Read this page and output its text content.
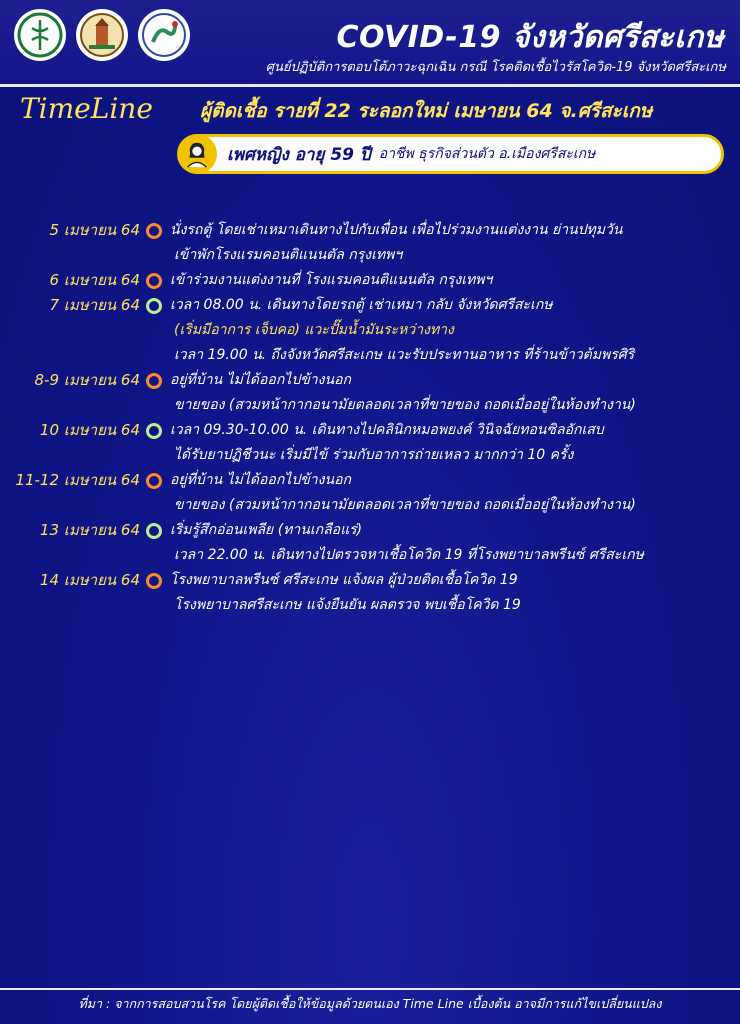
COVID-19 จังหวัดศรีสะเกษ
ศูนย์ปฏิบัติการตอบโต้ภาวะฉุกเฉิน กรณี โรคติดเชื้อไวรัสโควิด-19 จังหวัดศรีสะเกษ
TimeLine ผู้ติดเชื้อ รายที่ 22 ระลอกใหม่ เมษายน 64 จ.ศรีสะเกษ
เพศหญิง อายุ 59 ปี อาชีพ ธุรกิจส่วนตัว อ.เมืองศรีสะเกษ
5 เมษายน 64 นั่งรถตู้ โดยเช่าเหมาเดินทางไปกับเพื่อน เพื่อไปร่วมงานแต่งงาน ย่านปทุมวัน
เข้าพักโรงแรมคอนติแนนตัล กรุงเทพฯ
6 เมษายน 64 เข้าร่วมงานแต่งงานที่ โรงแรมคอนติแนนตัล กรุงเทพฯ
7 เมษายน 64 เวลา 08.00 น. เดินทางโดยรถตู้ เช่าเหมา กลับ จังหวัดศรีสะเกษ
(เริ่มมีอาการ เจ็บคอ) แวะปั๊มน้ำมันระหว่างทาง
เวลา 19.00 น. ถึงจังหวัดศรีสะเกษ แวะรับประทานอาหาร ที่ร้านข้าวต้มพรศิริ
8-9 เมษายน 64 อยู่ที่บ้าน ไม่ได้ออกไปข้างนอก
ขายของ (สวมหน้ากากอนามัยตลอดเวลาที่ขายของ ถอดเมื่ออยู่ในห้องทำงาน)
10 เมษายน 64 เวลา 09.30-10.00 น. เดินทางไปคลินิกหมอพยงค์ วินิจฉัยทอนซิลอักเสบ
ได้รับยาปฏิชีวนะ เริ่มมีไข้ ร่วมกับอาการถ่ายเหลว มากกว่า 10 ครั้ง
11-12 เมษายน 64 อยู่ที่บ้าน ไม่ได้ออกไปข้างนอก
ขายของ (สวมหน้ากากอนามัยตลอดเวลาที่ขายของ ถอดเมื่ออยู่ในห้องทำงาน)
13 เมษายน 64 เริ่มรู้สึกอ่อนเพลีย (ทานเกลือแร่)
เวลา 22.00 น. เดินทางไปตรวจหาเชื้อโควิด 19 ที่โรงพยาบาลพรีนซ์ ศรีสะเกษ
14 เมษายน 64 โรงพยาบาลพรีนซ์ ศรีสะเกษ แจ้งผล ผู้ป่วยติดเชื้อโควิด 19
โรงพยาบาลศรีสะเกษ แจ้งยืนยัน ผลตรวจ พบเชื้อโควิด 19
ที่มา : จากการสอบสวนโรค โดยผู้ติดเชื้อให้ข้อมูลด้วยตนเอง Time Line เบื้องต้น อาจมีการแก้ไขเปลี่ยนแปลง
